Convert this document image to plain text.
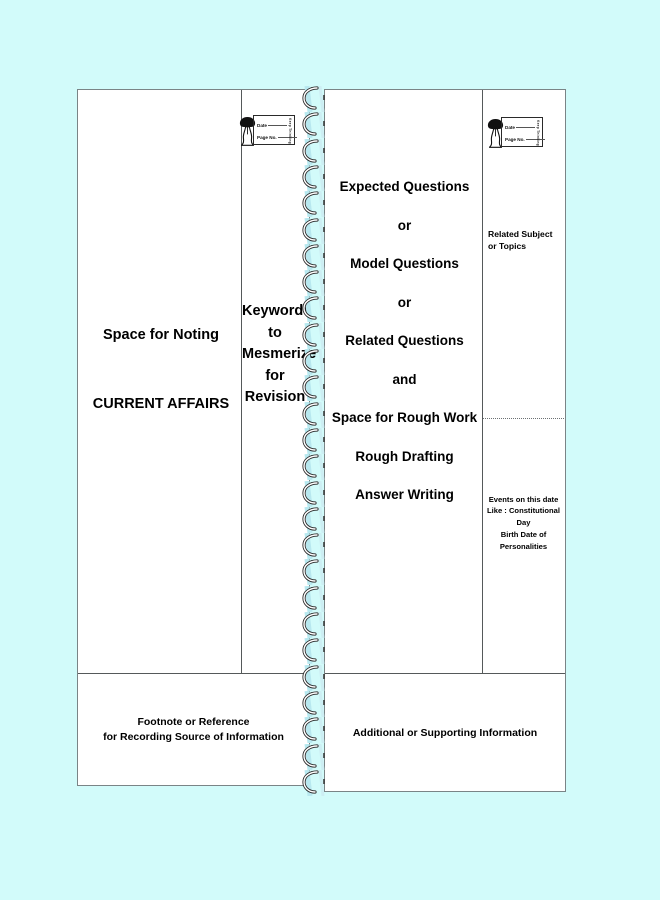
Space for Noting
CURRENT AFFAIRS
Keywords
to
Mesmerize
for
Revision
Footnote or Reference
for Recording Source of Information
Expected Questions
or
Model Questions
or
Related Questions
and
Space for Rough Work
Rough Drafting
Answer Writing
Related Subject
or Topics
Events on this date
Like : Constitutional Day
Birth Date of Personalities
Additional or Supporting Information
Date
Page No.	Keep Thinking	Date
Page No.	Keep Thinking
